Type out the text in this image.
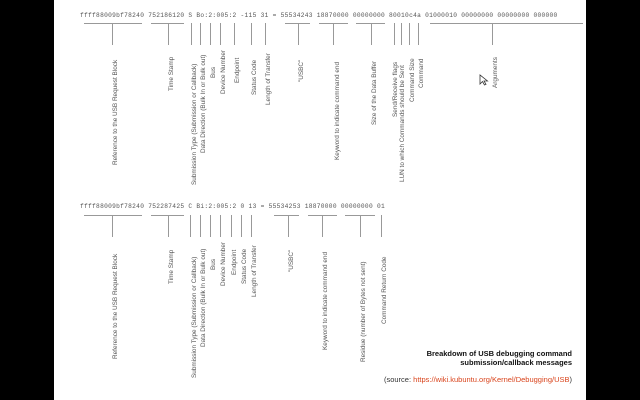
ffff88009bf78240 752186120 S Bo:2:005:2 -115 31 = 55534243 18870000 00000000 80010c4a 01000010 00000000 00000000 000000
Reference to the USB Request Block	Time Stamp	Submission Type (Submission or Callback) Data Direction (Bulk In or Bulk out) Bus Device Number Endpoint Status Code Length of Transfer	"USBC"	Keyword to indicate command end	Size of the Data Buffer Send/Receive flags LUN to which Commands should be Sent Command Size Command	Arguments
ffff88009bf78240 752287425 C Bi:2:005:2 0 13 = 55534253 18870000 00000000 01
Reference to the USB Request Block	Time Stamp	Submission Type (Submission or Callback) Data Direction (Bulk In or Bulk out) Bus Device Number Endpoint Status Code Length of Transfer	"USBC"	Keyword to indicate command end	Residue (number of Bytes not sent) Command Return Code
Breakdown of USB debugging command
submission/callback messages
(source: https://wiki.kubuntu.org/Kernel/Debugging/USB)
